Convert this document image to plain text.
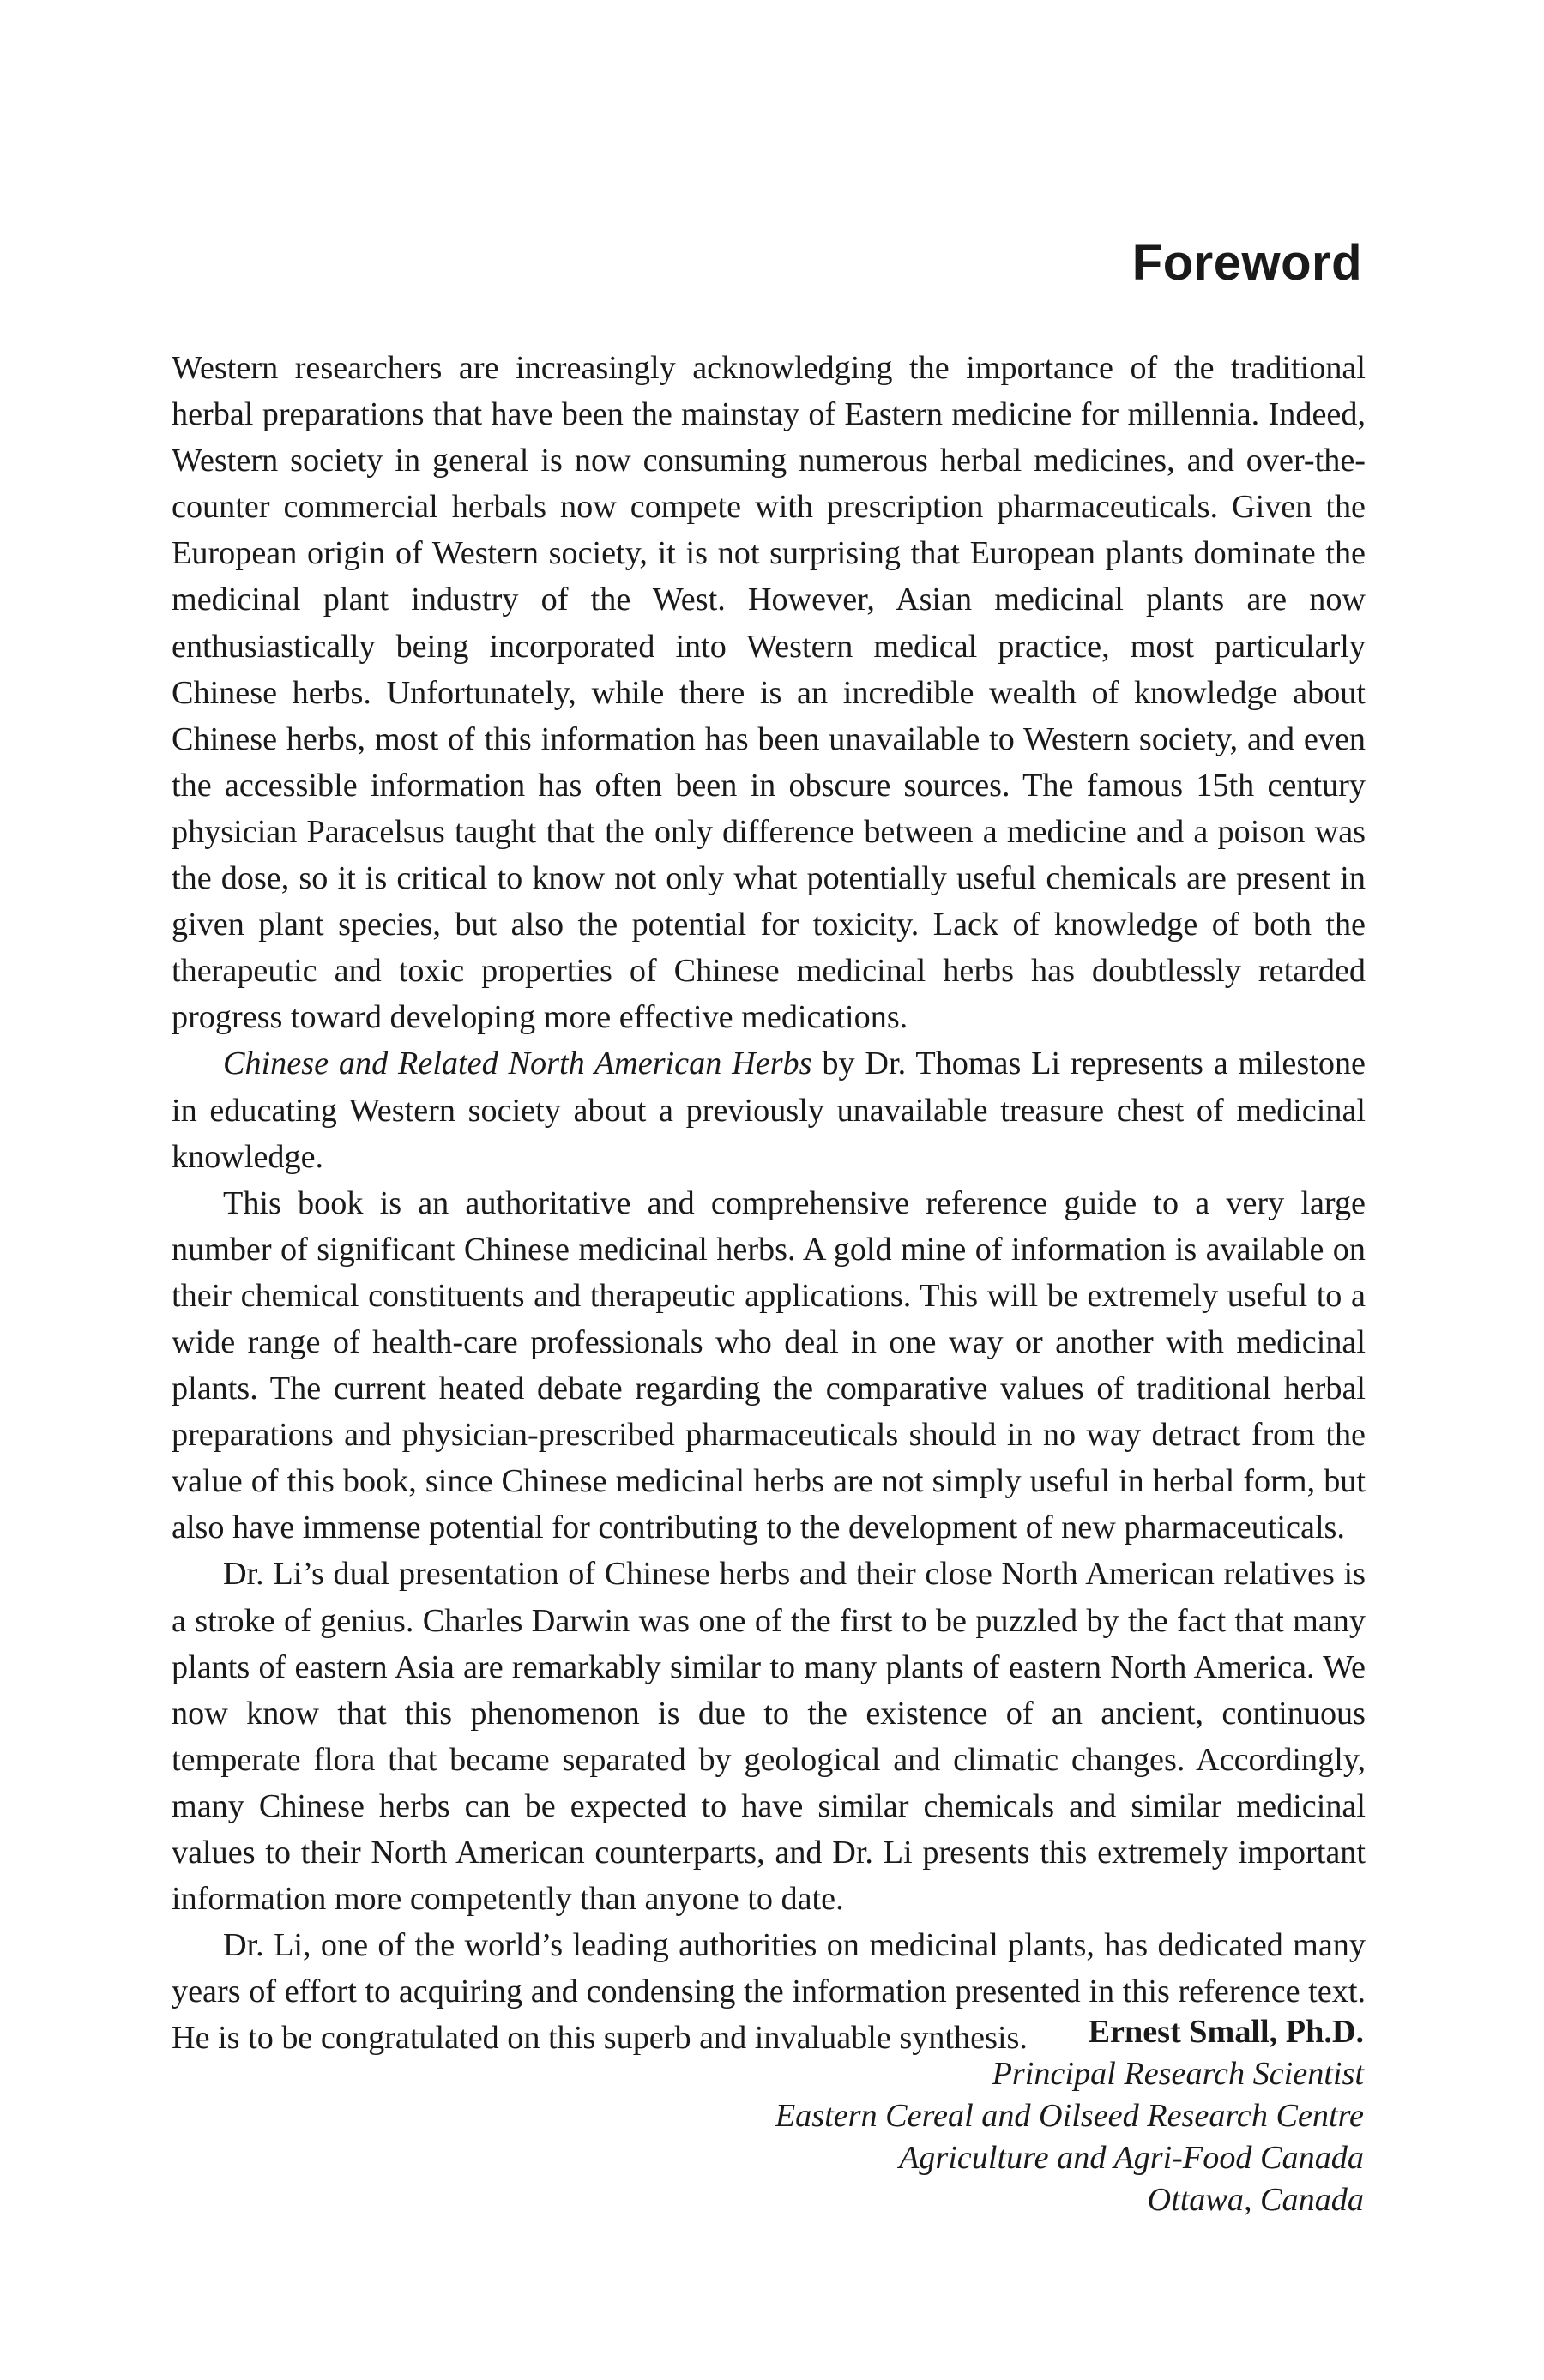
Foreword

Western researchers are increasingly acknowledging the importance of the traditional herbal preparations that have been the mainstay of Eastern medicine for millennia. Indeed, Western society in general is now consuming numerous herbal medicines, and over-the-counter commercial herbals now compete with prescription pharmaceuticals. Given the European origin of Western society, it is not surprising that European plants dominate the medicinal plant industry of the West. However, Asian medicinal plants are now enthusiastically being incorporated into Western medical practice, most particularly Chinese herbs. Unfortunately, while there is an incredible wealth of knowledge about Chinese herbs, most of this information has been unavailable to Western society, and even the accessible information has often been in obscure sources. The famous 15th century physician Paracelsus taught that the only difference between a medicine and a poison was the dose, so it is critical to know not only what potentially useful chemicals are present in given plant species, but also the potential for toxicity. Lack of knowledge of both the therapeutic and toxic properties of Chinese medicinal herbs has doubtlessly retarded progress toward developing more effective medications.

Chinese and Related North American Herbs by Dr. Thomas Li represents a milestone in educating Western society about a previously unavailable treasure chest of medicinal knowledge.

This book is an authoritative and comprehensive reference guide to a very large number of significant Chinese medicinal herbs. A gold mine of information is available on their chemical constituents and therapeutic applications. This will be extremely useful to a wide range of health-care professionals who deal in one way or another with medicinal plants. The current heated debate regarding the comparative values of traditional herbal preparations and physician-prescribed pharmaceuticals should in no way detract from the value of this book, since Chinese medicinal herbs are not simply useful in herbal form, but also have immense potential for contributing to the development of new pharmaceuticals.

Dr. Li’s dual presentation of Chinese herbs and their close North American relatives is a stroke of genius. Charles Darwin was one of the first to be puzzled by the fact that many plants of eastern Asia are remarkably similar to many plants of eastern North America. We now know that this phenomenon is due to the existence of an ancient, continuous temperate flora that became separated by geological and climatic changes. Accordingly, many Chinese herbs can be expected to have similar chemicals and similar medicinal values to their North American counterparts, and Dr. Li presents this extremely important information more competently than anyone to date.

Dr. Li, one of the world’s leading authorities on medicinal plants, has dedicated many years of effort to acquiring and condensing the information presented in this reference text. He is to be congratulated on this superb and invaluable synthesis.	Ernest Small, Ph.D.
Principal Research Scientist
Eastern Cereal and Oilseed Research Centre
Agriculture and Agri-Food Canada
Ottawa, Canada
